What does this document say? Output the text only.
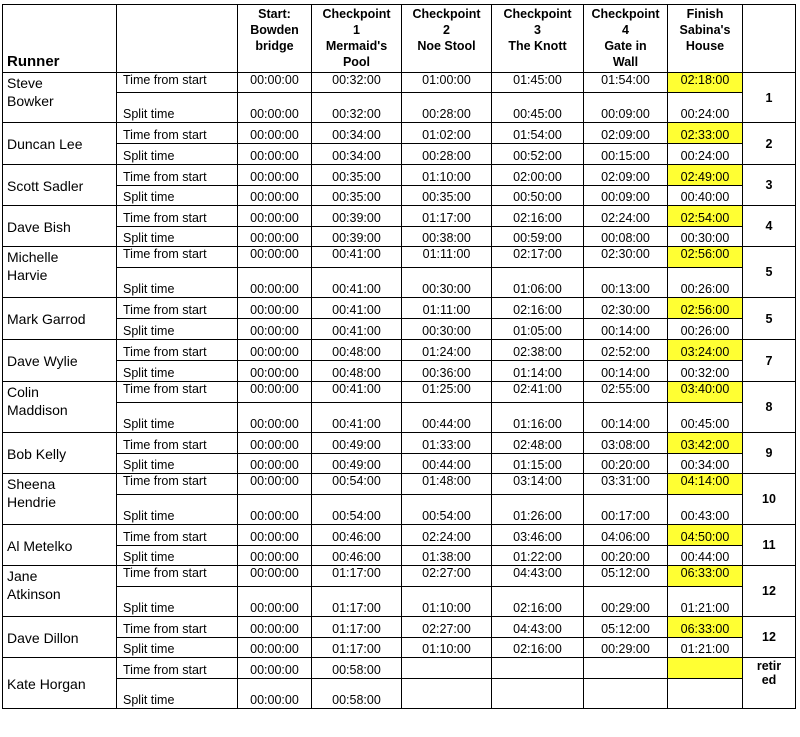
Runner		Start:
Bowden
bridge	Checkpoint
1
Mermaid's
Pool	Checkpoint
2
Noe Stool	Checkpoint
3
The Knott	Checkpoint
4
Gate in
Wall	Finish
Sabina's
House	
Steve
Bowker	Time from start	00:00:00	00:32:00	01:00:00	01:45:00	01:54:00	02:18:00	1
	Split time	00:00:00	00:32:00	00:28:00	00:45:00	00:09:00	00:24:00	
Duncan Lee	Time from start	00:00:00	00:34:00	01:02:00	01:54:00	02:09:00	02:33:00	2
	Split time	00:00:00	00:34:00	00:28:00	00:52:00	00:15:00	00:24:00	
Scott Sadler	Time from start	00:00:00	00:35:00	01:10:00	02:00:00	02:09:00	02:49:00	3
	Split time	00:00:00	00:35:00	00:35:00	00:50:00	00:09:00	00:40:00	
Dave Bish	Time from start	00:00:00	00:39:00	01:17:00	02:16:00	02:24:00	02:54:00	4
	Split time	00:00:00	00:39:00	00:38:00	00:59:00	00:08:00	00:30:00	
Michelle
Harvie	Time from start	00:00:00	00:41:00	01:11:00	02:17:00	02:30:00	02:56:00	5
	Split time	00:00:00	00:41:00	00:30:00	01:06:00	00:13:00	00:26:00	
Mark Garrod	Time from start	00:00:00	00:41:00	01:11:00	02:16:00	02:30:00	02:56:00	5
	Split time	00:00:00	00:41:00	00:30:00	01:05:00	00:14:00	00:26:00	
Dave Wylie	Time from start	00:00:00	00:48:00	01:24:00	02:38:00	02:52:00	03:24:00	7
	Split time	00:00:00	00:48:00	00:36:00	01:14:00	00:14:00	00:32:00	
Colin
Maddison	Time from start	00:00:00	00:41:00	01:25:00	02:41:00	02:55:00	03:40:00	8
	Split time	00:00:00	00:41:00	00:44:00	01:16:00	00:14:00	00:45:00	
Bob Kelly	Time from start	00:00:00	00:49:00	01:33:00	02:48:00	03:08:00	03:42:00	9
	Split time	00:00:00	00:49:00	00:44:00	01:15:00	00:20:00	00:34:00	
Sheena
Hendrie	Time from start	00:00:00	00:54:00	01:48:00	03:14:00	03:31:00	04:14:00	10
	Split time	00:00:00	00:54:00	00:54:00	01:26:00	00:17:00	00:43:00	
Al Metelko	Time from start	00:00:00	00:46:00	02:24:00	03:46:00	04:06:00	04:50:00	11
	Split time	00:00:00	00:46:00	01:38:00	01:22:00	00:20:00	00:44:00	
Jane
Atkinson	Time from start	00:00:00	01:17:00	02:27:00	04:43:00	05:12:00	06:33:00	12
	Split time	00:00:00	01:17:00	01:10:00	02:16:00	00:29:00	01:21:00	
Dave Dillon	Time from start	00:00:00	01:17:00	02:27:00	04:43:00	05:12:00	06:33:00	12
	Split time	00:00:00	01:17:00	01:10:00	02:16:00	00:29:00	01:21:00	
Kate Horgan	Time from start	00:00:00	00:58:00					retir
ed
	Split time	00:00:00	00:58:00					
